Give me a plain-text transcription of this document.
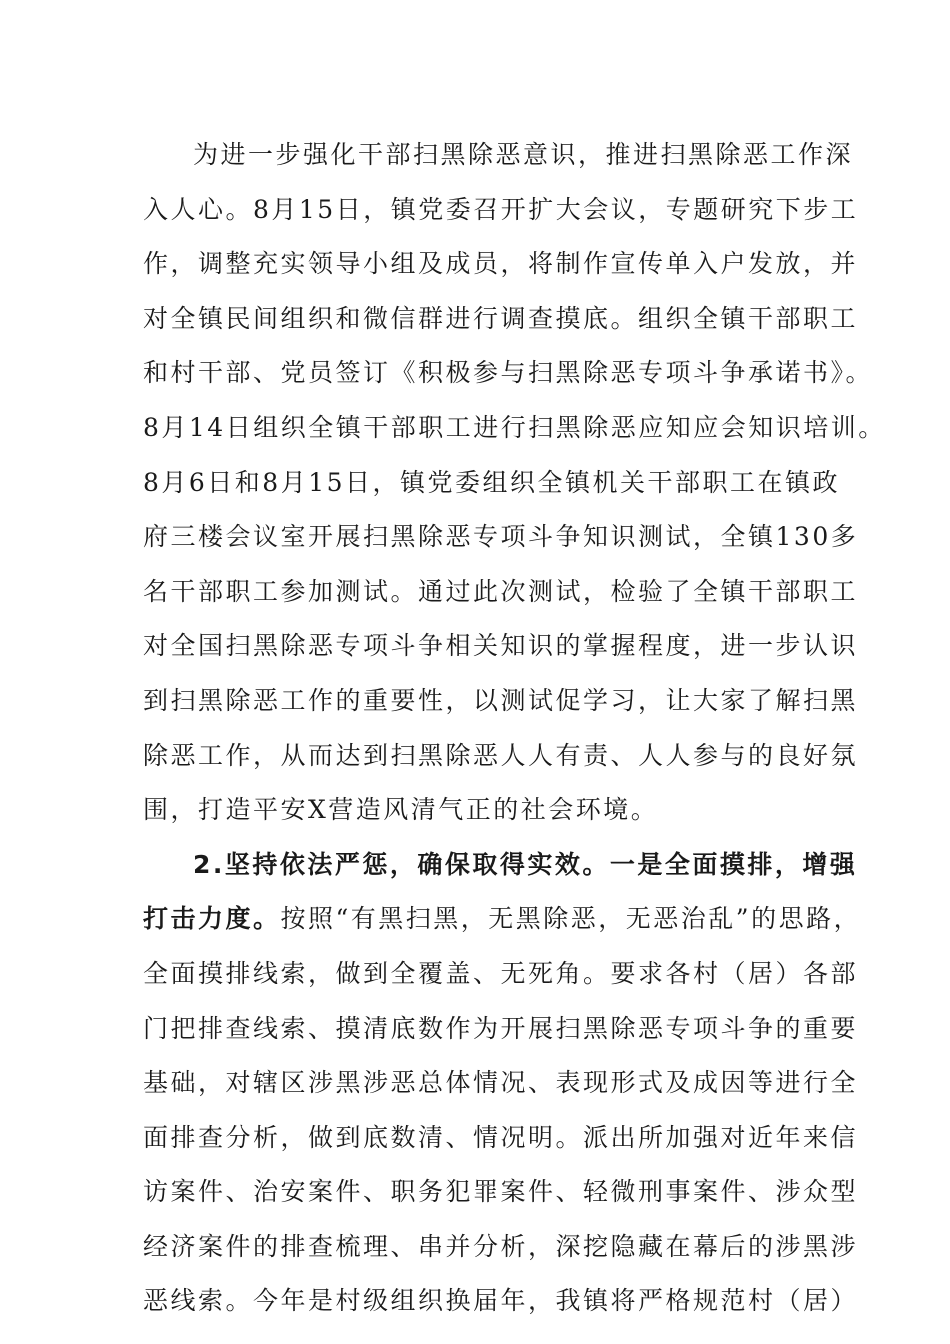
为进一步强化干部扫黑除恶意识，推进扫黑除恶工作深
入人心。8月15日，镇党委召开扩大会议，专题研究下步工
作，调整充实领导小组及成员，将制作宣传单入户发放，并
对全镇民间组织和微信群进行调查摸底。组织全镇干部职工
和村干部、党员签订《积极参与扫黑除恶专项斗争承诺书》。
8月14日组织全镇干部职工进行扫黑除恶应知应会知识培训。
8月6日和8月15日，镇党委组织全镇机关干部职工在镇政
府三楼会议室开展扫黑除恶专项斗争知识测试，全镇130多
名干部职工参加测试。通过此次测试，检验了全镇干部职工
对全国扫黑除恶专项斗争相关知识的掌握程度，进一步认识
到扫黑除恶工作的重要性，以测试促学习，让大家了解扫黑
除恶工作，从而达到扫黑除恶人人有责、人人参与的良好氛
围，打造平安X营造风清气正的社会环境。
2.坚持依法严惩，确保取得实效。一是全面摸排，增强
打击力度。按照“有黑扫黑，无黑除恶，无恶治乱”的思路，
全面摸排线索，做到全覆盖、无死角。要求各村（居）各部
门把排查线索、摸清底数作为开展扫黑除恶专项斗争的重要
基础，对辖区涉黑涉恶总体情况、表现形式及成因等进行全
面排查分析，做到底数清、情况明。派出所加强对近年来信
访案件、治安案件、职务犯罪案件、轻微刑事案件、涉众型
经济案件的排查梳理、串并分析，深挖隐藏在幕后的涉黑涉
恶线索。今年是村级组织换届年，我镇将严格规范村（居）
